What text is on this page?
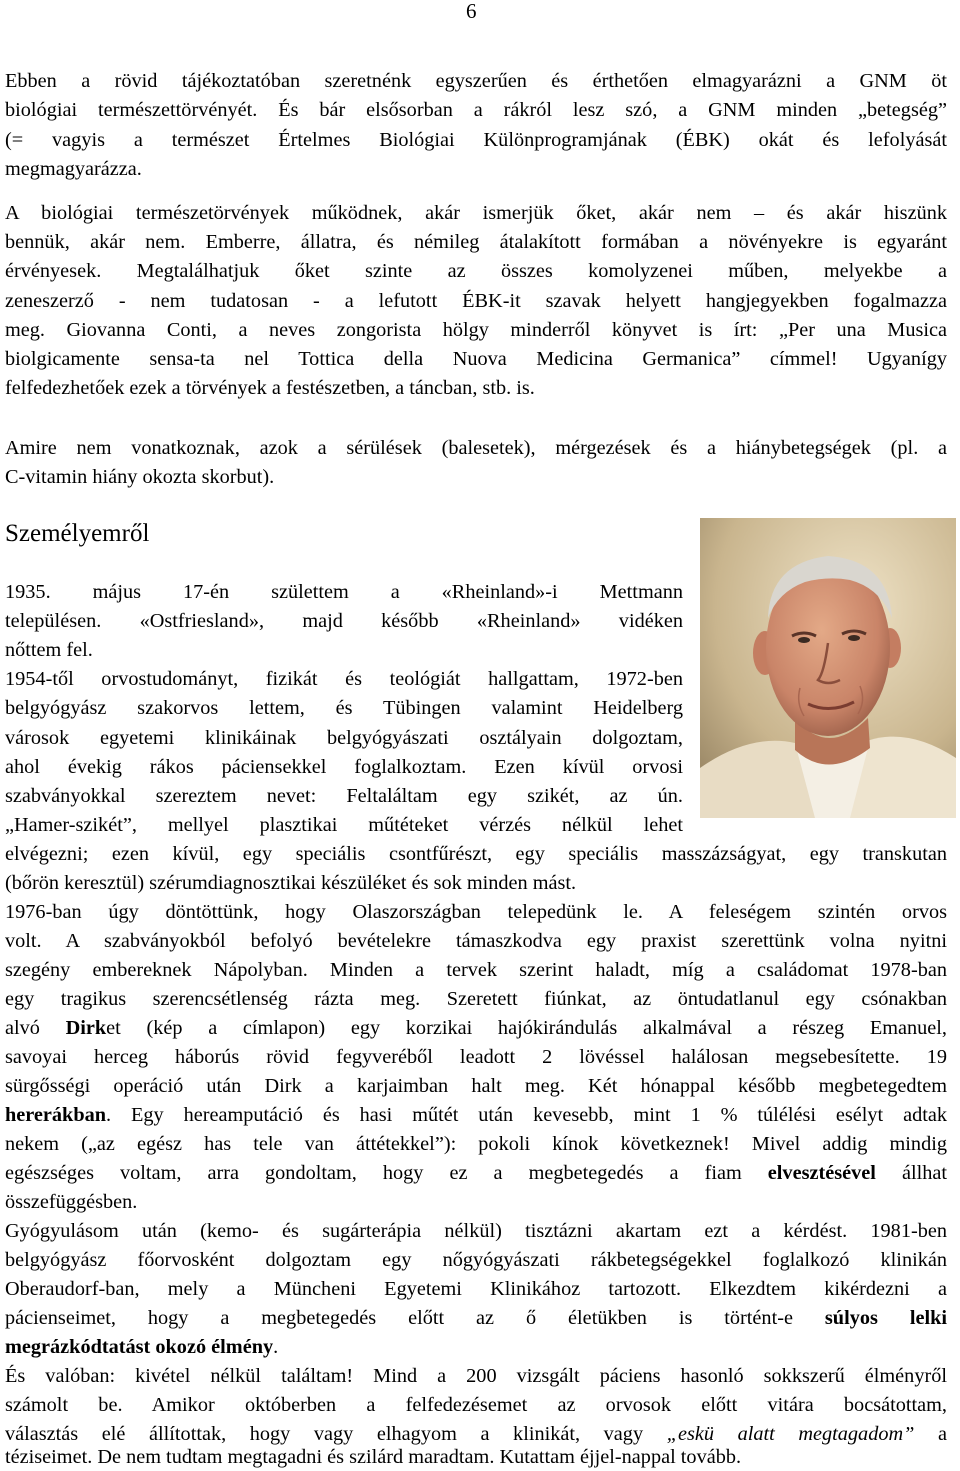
6
Ebben a rövid tájékoztatóban szeretnénk egyszerűen és érthetően elmagyarázni a GNM öt
biológiai természettörvényét. És bár elsősorban a rákról lesz szó, a GNM minden „betegség”
(= vagyis a természet Értelmes Biológiai Különprogramjának (ÉBK) okát és lefolyását
megmagyarázza.
A biológiai természetörvények működnek, akár ismerjük őket, akár nem – és akár hiszünk
bennük, akár nem. Emberre, állatra, és némileg átalakított formában a növényekre is egyaránt
érvényesek. Megtalálhatjuk őket szinte az összes komolyzenei műben, melyekbe a
zeneszerző - nem tudatosan - a lefutott ÉBK-it szavak helyett hangjegyekben fogalmazza
meg. Giovanna Conti, a neves zongorista hölgy minderről könyvet is írt: „Per una Musica
biolgicamente sensa-ta nel Tottica della Nuova Medicina Germanica” címmel! Ugyanígy
felfedezhetőek ezek a törvények a festészetben, a táncban, stb. is.
Amire nem vonatkoznak, azok a sérülések (balesetek), mérgezések és a hiánybetegségek (pl. a
C-vitamin hiány okozta skorbut).
Személyemről
1935. május 17-én születtem a «Rheinland»-i Mettmann
településen. «Ostfriesland», majd később «Rheinland» vidéken
nőttem fel.
1954-től orvostudományt, fizikát és teológiát hallgattam, 1972-ben
belgyógyász szakorvos lettem, és Tübingen valamint Heidelberg
városok egyetemi klinikáinak belgyógyászati osztályain dolgoztam,
ahol évekig rákos páciensekkel foglalkoztam. Ezen kívül orvosi
szabványokkal szereztem nevet: Feltaláltam egy szikét, az ún.
„Hamer-szikét”, mellyel plasztikai műtéteket vérzés nélkül lehet
elvégezni; ezen kívül, egy speciális csontfűrészt, egy speciális masszázságyat, egy transkutan
(bőrön keresztül) szérumdiagnosztikai készüléket és sok minden mást.
1976-ban úgy döntöttünk, hogy Olaszországban telepedünk le. A feleségem szintén orvos
volt. A szabványokból befolyó bevételekre támaszkodva egy praxist szerettünk volna nyitni
szegény embereknek Nápolyban. Minden a tervek szerint haladt, míg a családomat 1978-ban
egy tragikus szerencsétlenség rázta meg. Szeretett fiúnkat, az öntudatlanul egy csónakban
alvó Dirket (kép a címlapon) egy korzikai hajókirándulás alkalmával a részeg Emanuel,
savoyai herceg háborús rövid fegyveréből leadott 2 lövéssel halálosan megsebesítette. 19
sürgősségi operáció után Dirk a karjaimban halt meg. Két hónappal később megbetegedtem
hererákban. Egy hereamputáció és hasi műtét után kevesebb, mint 1 % túlélési esélyt adtak
nekem („az egész has tele van áttétekkel”): pokoli kínok következnek! Mivel addig mindig
egészséges voltam, arra gondoltam, hogy ez a megbetegedés a fiam elvesztésével állhat
összefüggésben.
Gyógyulásom után (kemo- és sugárterápia nélkül) tisztázni akartam ezt a kérdést. 1981-ben
belgyógyász főorvosként dolgoztam egy nőgyógyászati rákbetegségekkel foglalkozó klinikán
Oberaudorf-ban, mely a Müncheni Egyetemi Klinikához tartozott. Elkezdtem kikérdezni a
pácienseimet, hogy a megbetegedés előtt az ő életükben is történt-e súlyos lelki
megrázkódtatást okozó élmény.
És valóban: kivétel nélkül találtam! Mind a 200 vizsgált páciens hasonló sokkszerű élményről
számolt be. Amikor októberben a felfedezésemet az orvosok előtt vitára bocsátottam,
választás elé állítottak, hogy vagy elhagyom a klinikát, vagy „eskü alatt megtagadom” a
téziseimet. De nem tudtam megtagadni és szilárd maradtam. Kutattam éjjel-nappal tovább.
